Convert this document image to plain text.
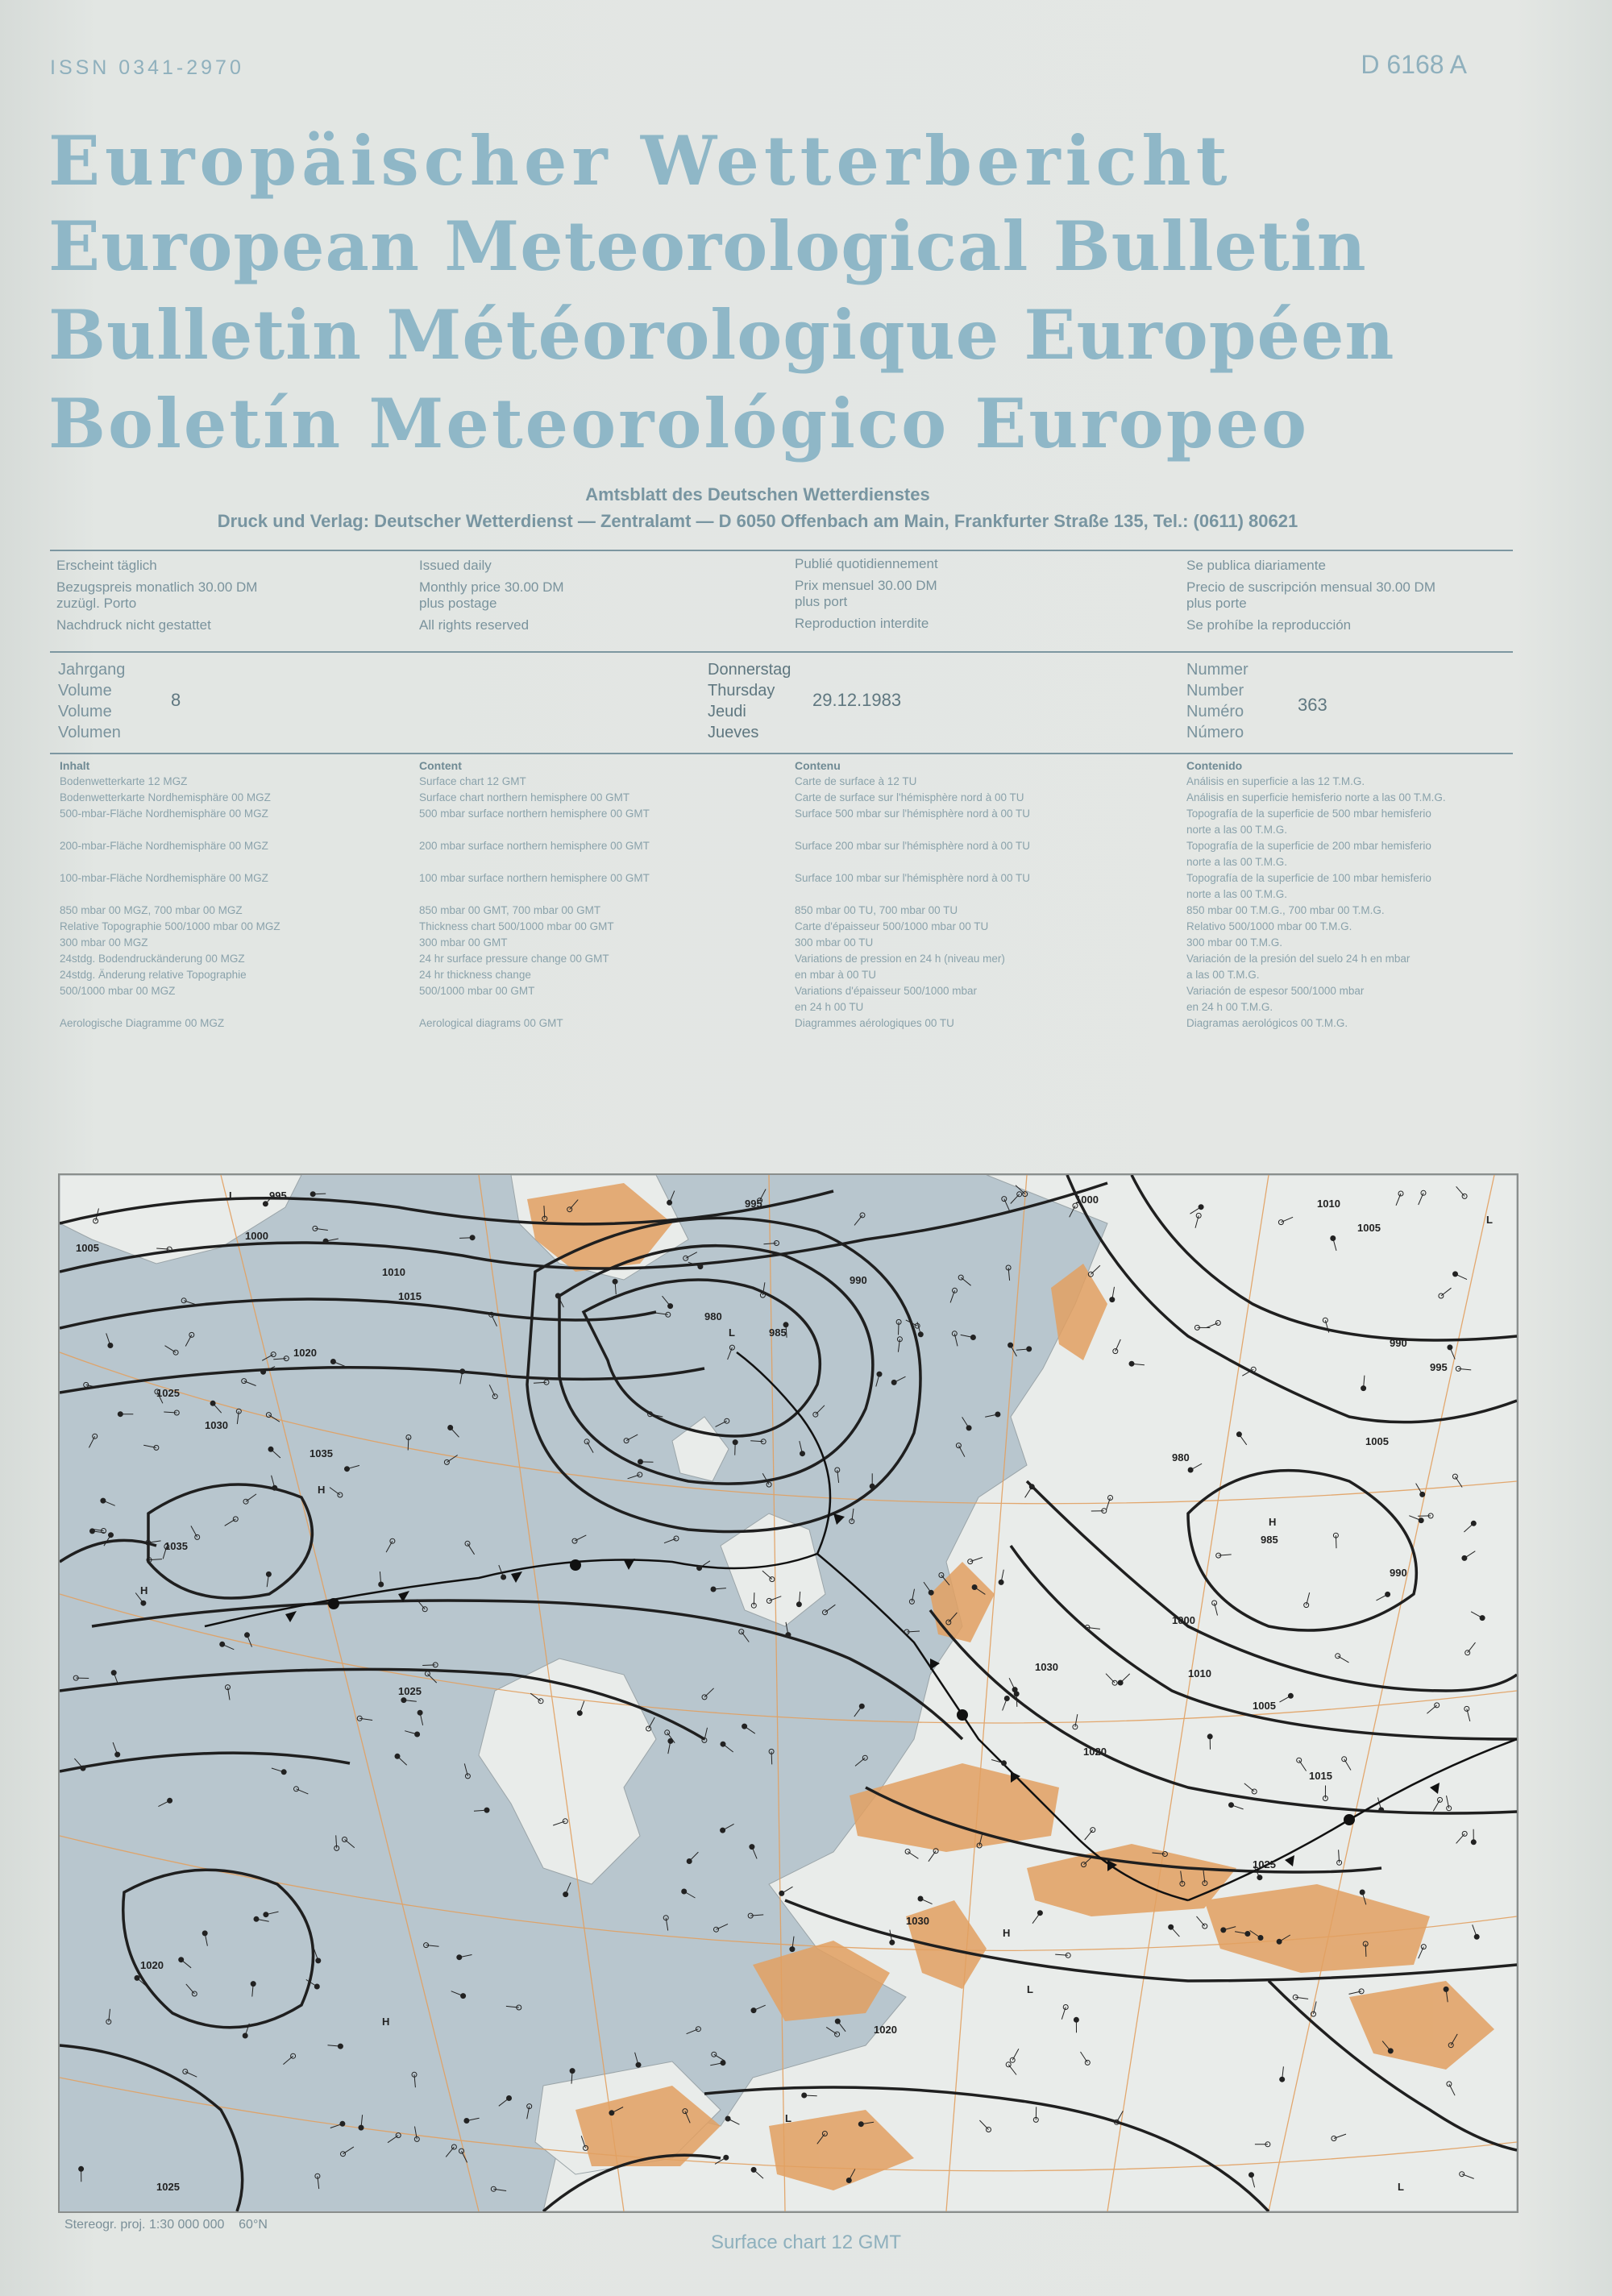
ISSN 0341-2970	D 6168 A
Europäischer Wetterbericht
European Meteorological Bulletin
Bulletin Météorologique Européen
Boletín Meteorológico Europeo
Amtsblatt des Deutschen Wetterdienstes
Druck und Verlag: Deutscher Wetterdienst — Zentralamt — D 6050 Offenbach am Main, Frankfurter Straße 135, Tel.: (0611) 80621
Erscheint täglich
Bezugspreis monatlich 30.00 DM
zuzügl. Porto
Nachdruck nicht gestattet
Issued daily
Monthly price 30.00 DM
plus postage
All rights reserved
Publié quotidiennement
Prix mensuel 30.00 DM
plus port
Reproduction interdite
Se publica diariamente
Precio de suscripción mensual 30.00 DM
plus porte
Se prohíbe la reproducción
Jahrgang
Volume
Volume
Volumen
8
Donnerstag
Thursday
Jeudi
Jueves
29.12.1983
Nummer
Number
Numéro
Número
363
Inhalt
Bodenwetterkarte 12 MGZ
Bodenwetterkarte Nordhemisphäre 00 MGZ
500-mbar-Fläche Nordhemisphäre 00 MGZ

200-mbar-Fläche Nordhemisphäre 00 MGZ

100-mbar-Fläche Nordhemisphäre 00 MGZ

850 mbar 00 MGZ, 700 mbar 00 MGZ
Relative Topographie 500/1000 mbar 00 MGZ
300 mbar 00 MGZ
24stdg. Bodendruckänderung 00 MGZ
24stdg. Änderung relative Topographie
500/1000 mbar 00 MGZ

Aerologische Diagramme 00 MGZ
Content
Surface chart 12 GMT
Surface chart northern hemisphere 00 GMT
500 mbar surface northern hemisphere 00 GMT

200 mbar surface northern hemisphere 00 GMT

100 mbar surface northern hemisphere 00 GMT

850 mbar 00 GMT, 700 mbar 00 GMT
Thickness chart 500/1000 mbar 00 GMT
300 mbar 00 GMT
24 hr surface pressure change 00 GMT
24 hr thickness change
500/1000 mbar 00 GMT

Aerological diagrams 00 GMT
Contenu
Carte de surface à 12 TU
Carte de surface sur l'hémisphère nord à 00 TU
Surface 500 mbar sur l'hémisphère nord à 00 TU

Surface 200 mbar sur l'hémisphère nord à 00 TU

Surface 100 mbar sur l'hémisphère nord à 00 TU

850 mbar 00 TU, 700 mbar 00 TU
Carte d'épaisseur 500/1000 mbar 00 TU
300 mbar 00 TU
Variations de pression en 24 h (niveau mer)
en mbar à 00 TU
Variations d'épaisseur 500/1000 mbar
en 24 h 00 TU
Diagrammes aérologiques 00 TU
Contenido
Análisis en superficie a las 12 T.M.G.
Análisis en superficie hemisferio norte a las 00 T.M.G.
Topografía de la superficie de 500 mbar hemisferio
norte a las 00 T.M.G.
Topografía de la superficie de 200 mbar hemisferio
norte a las 00 T.M.G.
Topografía de la superficie de 100 mbar hemisferio
norte a las 00 T.M.G.
850 mbar 00 T.M.G., 700 mbar 00 T.M.G.
Relativo 500/1000 mbar 00 T.M.G.
300 mbar 00 T.M.G.
Variación de la presión del suelo 24 h en mbar
a las 00 T.M.G.
Variación de espesor 500/1000 mbar
en 24 h 00 T.M.G.
Diagramas aerológicos 00 T.M.G.
995
1000
1005
1010
1015
1020
1025
1030
1035
980
985
990
1000
995
1005
1010
1030
1025
1035
1020
1015
1020
1025
1030
1020
1025
980
985
990
995
1005
1010
1000
1005
990
L
H
H
L
H
H
L
L
L
L
H
Stereogr. proj. 1:30 000 000 60°N
Surface chart 12 GMT
